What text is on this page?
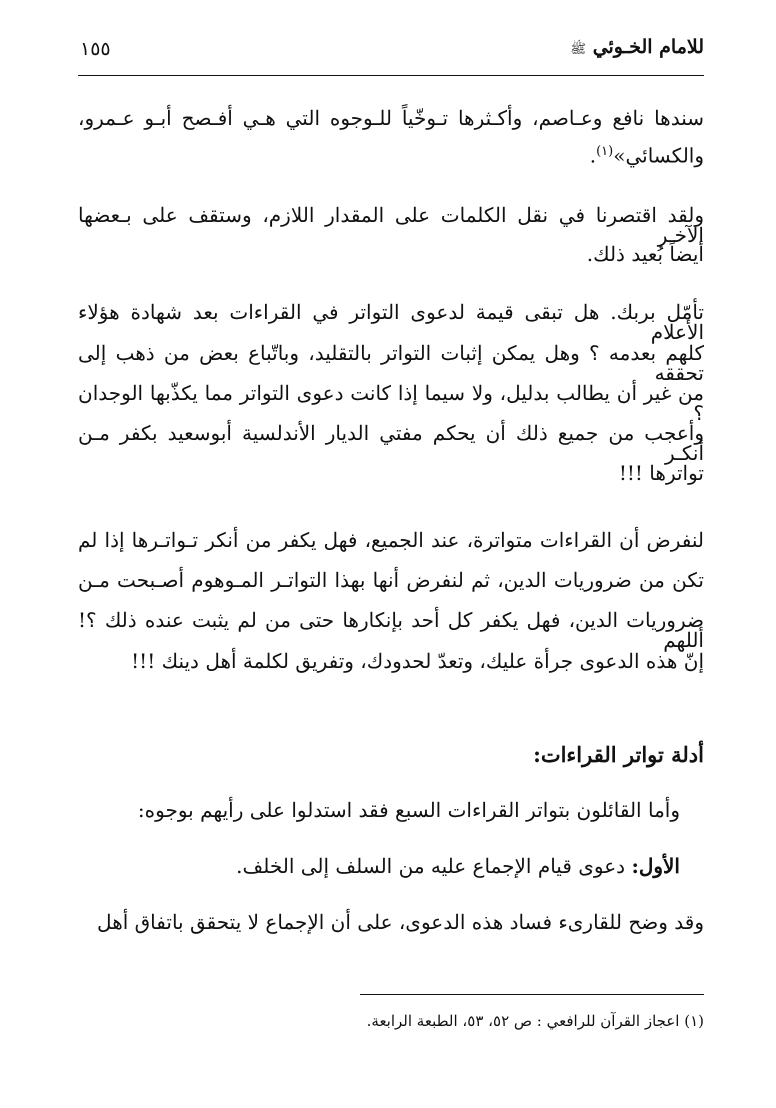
للامام الخـوئي ﷺ
١٥٥
سندها نافع وعـاصم، وأكـثرها تـوخّياً للـوجوه التي هـي أفـصح أبـو عـمرو،
والكسائي»$^{(١)}$.
ولقد اقتصرنا في نقل الكلمات على المقدار اللازم، وستقف على بـعضها الآخـر
أيضاً بُعيد ذلك.
تأمّل بربك. هل تبقى قيمة لدعوى التواتر في القراءات بعد شهادة هؤلاء الأعلام
كلهم بعدمه ؟ وهل يمكن إثبات التواتر بالتقليد، وباتّباع بعض من ذهب إلى تحققه
من غير أن يطالب بدليل، ولا سيما إذا كانت دعوى التواتر مما يكذّبها الوجدان ؟
وأعجب من جميع ذلك أن يحكم مفتي الديار الأندلسية أبوسعيد بكفر مـن أنكـر
تواترها !!!
لنفرض أن القراءات متواترة، عند الجميع، فهل يكفر من أنكر تـواتـرها إذا لم
تكن من ضروريات الدين، ثم لنفرض أنها بهذا التواتـر المـوهوم أصـبحت مـن
ضروريات الدين، فهل يكفر كل أحد بإنكارها حتى من لم يثبت عنده ذلك ؟! أللهم
إنّ هذه الدعوى جرأة عليك، وتعدّ لحدودك، وتفريق لكلمة أهل دينك !!!
أدلة تواتر القراءات:
وأما القائلون بتواتر القراءات السبع فقد استدلوا على رأيهم بوجوه:
الأول: دعوى قيام الإجماع عليه من السلف إلى الخلف.
وقد وضح للقارىء فساد هذه الدعوى، على أن الإجماع لا يتحقق باتفاق أهل
(١) اعجاز القرآن للرافعي : ص ٥٢، ٥٣، الطبعة الرابعة.
